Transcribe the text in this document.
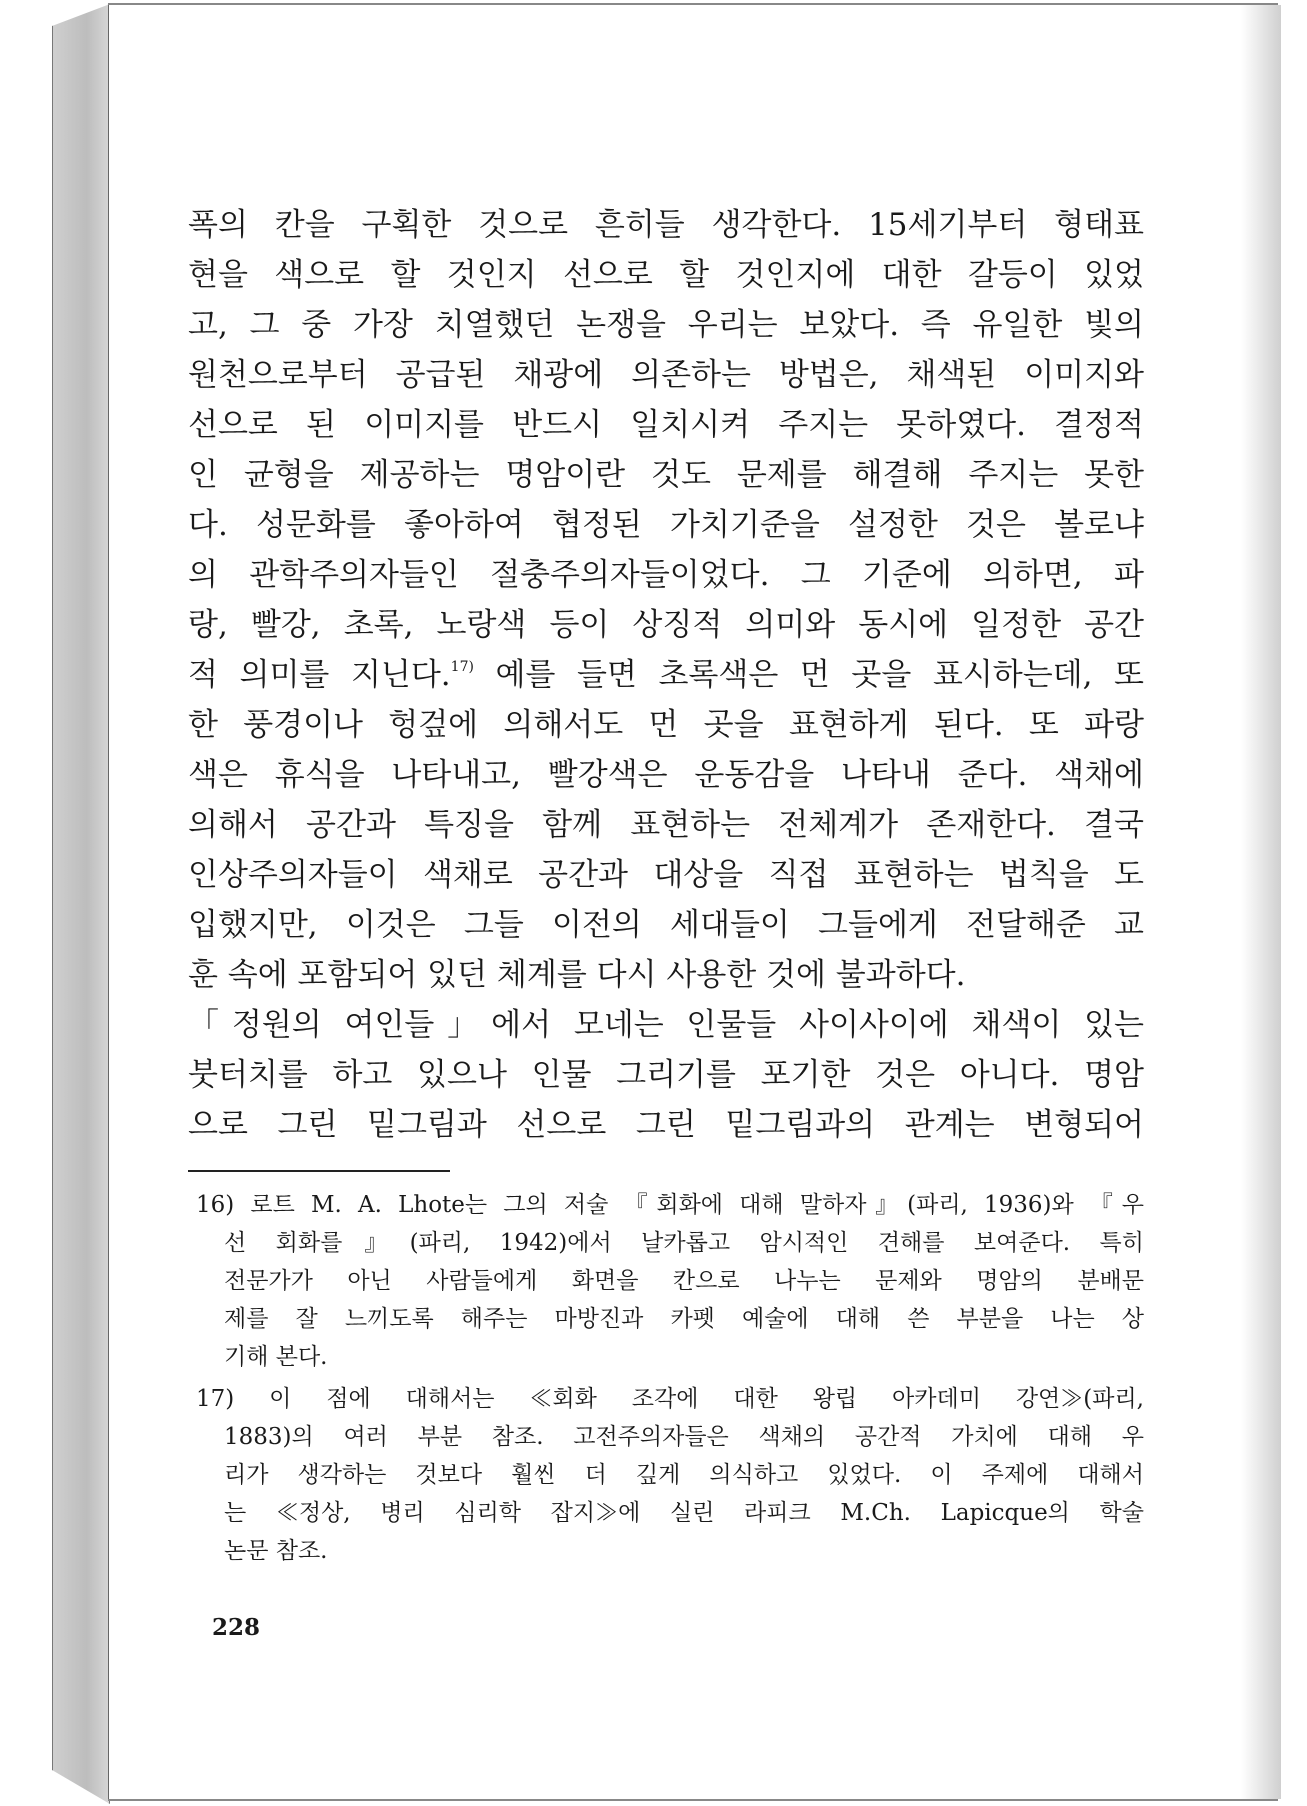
폭의 칸을 구획한 것으로 흔히들 생각한다. 15세기부터 형태표
현을 색으로 할 것인지 선으로 할 것인지에 대한 갈등이 있었
고, 그 중 가장 치열했던 논쟁을 우리는 보았다. 즉 유일한 빛의
원천으로부터 공급된 채광에 의존하는 방법은, 채색된 이미지와
선으로 된 이미지를 반드시 일치시켜 주지는 못하였다. 결정적
인 균형을 제공하는 명암이란 것도 문제를 해결해 주지는 못한
다. 성문화를 좋아하여 협정된 가치기준을 설정한 것은 볼로냐
의 관학주의자들인 절충주의자들이었다. 그 기준에 의하면, 파
랑, 빨강, 초록, 노랑색 등이 상징적 의미와 동시에 일정한 공간
적 의미를 지닌다.$^{17)}$ 예를 들면 초록색은 먼 곳을 표시하는데, 또
한 풍경이나 헝겊에 의해서도 먼 곳을 표현하게 된다. 또 파랑
색은 휴식을 나타내고, 빨강색은 운동감을 나타내 준다. 색채에
의해서 공간과 특징을 함께 표현하는 전체계가 존재한다. 결국
인상주의자들이 색채로 공간과 대상을 직접 표현하는 법칙을 도
입했지만, 이것은 그들 이전의 세대들이 그들에게 전달해준 교
훈 속에 포함되어 있던 체계를 다시 사용한 것에 불과하다.
「정원의 여인들」에서 모네는 인물들 사이사이에 채색이 있는
붓터치를 하고 있으나 인물 그리기를 포기한 것은 아니다. 명암
으로 그린 밑그림과 선으로 그린 밑그림과의 관계는 변형되어
16) 로트 M. A. Lhote는 그의 저술 『회화에 대해 말하자』(파리, 1936)와 『우
선 회화를』(파리, 1942)에서 날카롭고 암시적인 견해를 보여준다. 특히
전문가가 아닌 사람들에게 화면을 칸으로 나누는 문제와 명암의 분배문
제를 잘 느끼도록 해주는 마방진과 카펫 예술에 대해 쓴 부분을 나는 상
기해 본다.
17) 이 점에 대해서는 ≪회화 조각에 대한 왕립 아카데미 강연≫(파리,
1883)의 여러 부분 참조. 고전주의자들은 색채의 공간적 가치에 대해 우
리가 생각하는 것보다 훨씬 더 깊게 의식하고 있었다. 이 주제에 대해서
는 ≪정상, 병리 심리학 잡지≫에 실린 라피크 M.Ch. Lapicque의 학술
논문 참조.
228
